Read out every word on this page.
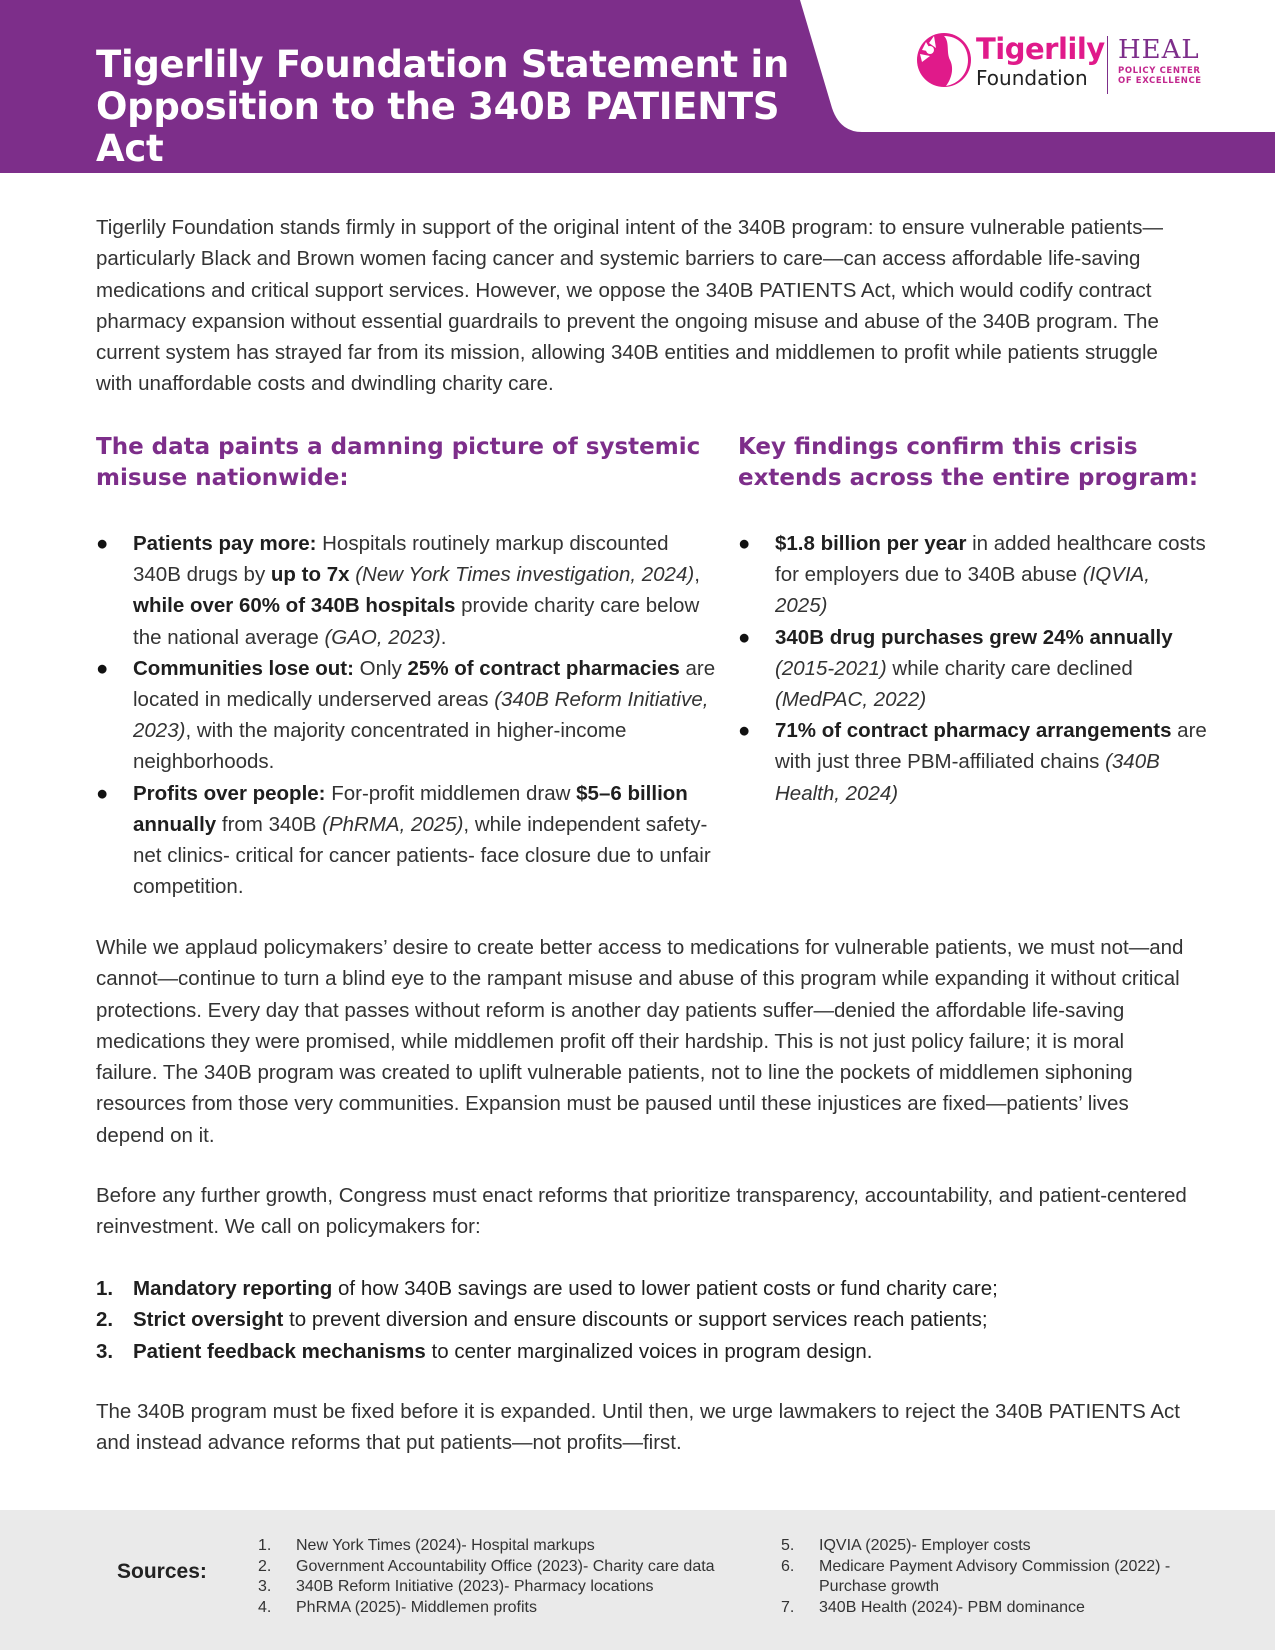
Tigerlily Foundation Statement in
Opposition to the 340B PATIENTS Act
Tigerlily
Foundation
HEAL
POLICY CENTER
OF EXCELLENCE

Tigerlily Foundation stands firmly in support of the original intent of the 340B program: to ensure vulnerable patients—particularly Black and Brown women facing cancer and systemic barriers to care—can access affordable life-saving medications and critical support services. However, we oppose the 340B PATIENTS Act, which would codify contract pharmacy expansion without essential guardrails to prevent the ongoing misuse and abuse of the 340B program. The current system has strayed far from its mission, allowing 340B entities and middlemen to profit while patients struggle with unaffordable costs and dwindling charity care.

The data paints a damning picture of systemic
misuse nationwide:
● Patients pay more: Hospitals routinely markup discounted 340B drugs by up to 7x (New York Times investigation, 2024), while over 60% of 340B hospitals provide charity care below the national average (GAO, 2023).
● Communities lose out: Only 25% of contract pharmacies are located in medically underserved areas (340B Reform Initiative, 2023), with the majority concentrated in higher-income neighborhoods.
● Profits over people: For-profit middlemen draw $5–6 billion annually from 340B (PhRMA, 2025), while independent safety-net clinics- critical for cancer patients- face closure due to unfair competition.
Key findings confirm this crisis
extends across the entire program:
● $1.8 billion per year in added healthcare costs for employers due to 340B abuse (IQVIA, 2025)
● 340B drug purchases grew 24% annually (2015-2021) while charity care declined (MedPAC, 2022)
● 71% of contract pharmacy arrangements are with just three PBM-affiliated chains (340B Health, 2024)

While we applaud policymakers’ desire to create better access to medications for vulnerable patients, we must not—and cannot—continue to turn a blind eye to the rampant misuse and abuse of this program while expanding it without critical protections. Every day that passes without reform is another day patients suffer—denied the affordable life-saving medications they were promised, while middlemen profit off their hardship. This is not just policy failure; it is moral failure. The 340B program was created to uplift vulnerable patients, not to line the pockets of middlemen siphoning resources from those very communities. Expansion must be paused until these injustices are fixed—patients’ lives depend on it.

Before any further growth, Congress must enact reforms that prioritize transparency, accountability, and patient-centered reinvestment. We call on policymakers for:

1. Mandatory reporting of how 340B savings are used to lower patient costs or fund charity care;
2. Strict oversight to prevent diversion and ensure discounts or support services reach patients;
3. Patient feedback mechanisms to center marginalized voices in program design.

The 340B program must be fixed before it is expanded. Until then, we urge lawmakers to reject the 340B PATIENTS Act and instead advance reforms that put patients—not profits—first.

Sources:
1. New York Times (2024)- Hospital markups
2. Government Accountability Office (2023)- Charity care data
3. 340B Reform Initiative (2023)- Pharmacy locations
4. PhRMA (2025)- Middlemen profits
5. IQVIA (2025)- Employer costs
6. Medicare Payment Advisory Commission (2022) - Purchase growth
7. 340B Health (2024)- PBM dominance
